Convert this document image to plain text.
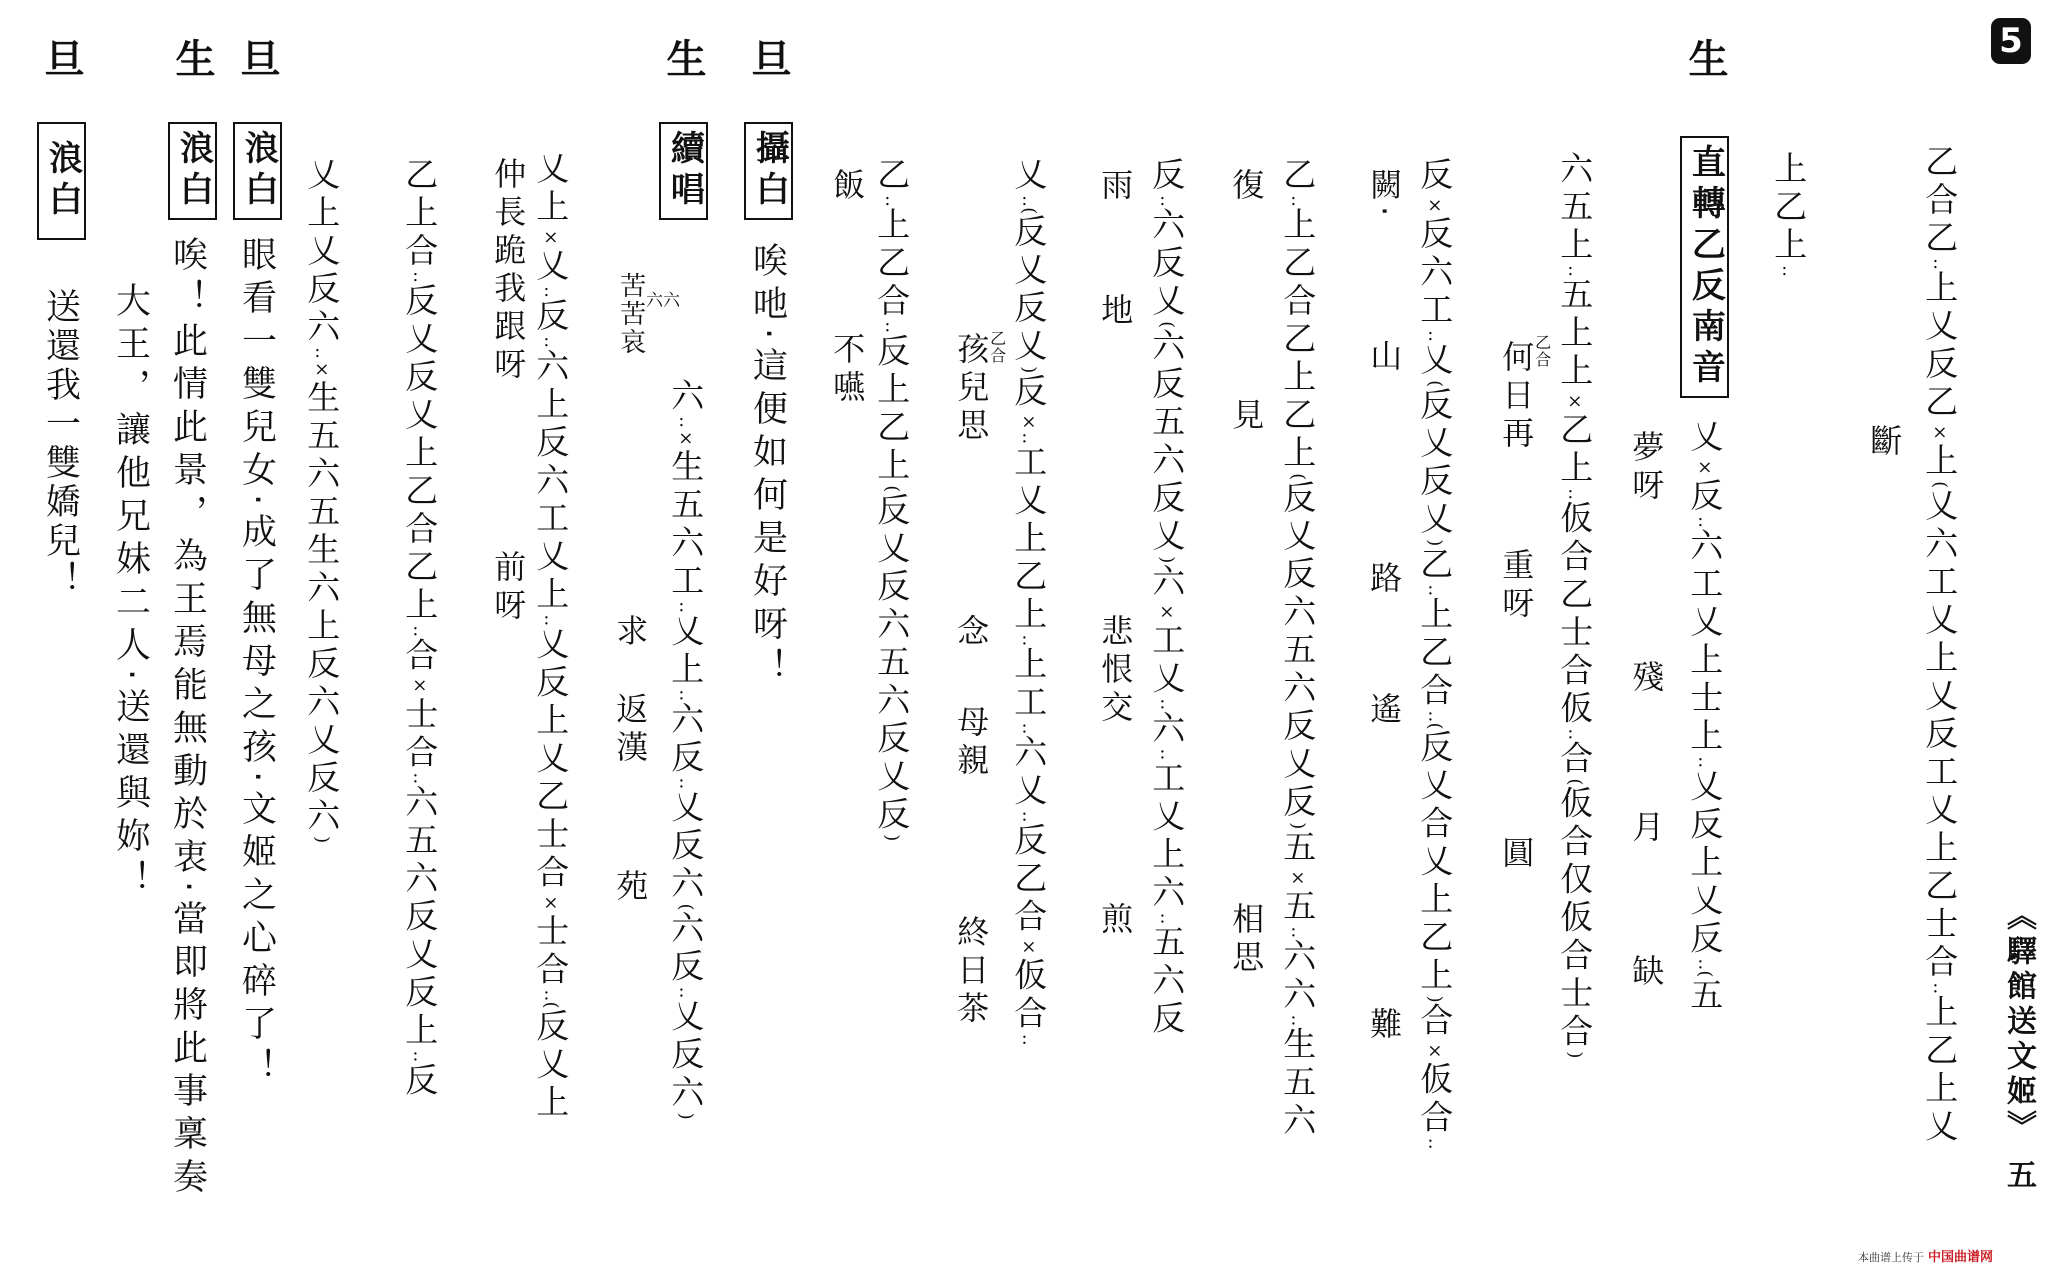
5
《驛館送文姬》五
乙合乙‥上乂反乙×上(乂六工乂上乂反工乂上乙士合‥上乙上乂
斷
上乙上‥
生
直轉乙反南音
乂×反‥六工乂上士上‥乂反上乂反‥(五
夢呀
殘
月
缺
六五上‥五上上×乙上‥仮合乙士合仮‥合(仮合仅仮合士合)
乙合
何日再
重呀
圓
反×反六工‥乂(反乂反乂)乙‥上乙合‥(反乂合乂上乙上)合×仮合‥
闕‧
山
路
遙
難
乙‥上乙合乙上乙上(反乂反六五六反乂反)五×五‥六六‥生五六
復
見
相思
反‥六反乂(六反五六反乂)六×工乂‥六‥工乂上六‥五六反
雨
地
悲恨交
煎
乂‥(反乂反乂)反×‥工乂上乙上‥上工‥六乂‥反乙合×仮合‥
乙合
孩兒思
念
母親
終日茶
乙‥上乙合‥反上乙上(反乂反六五六反乂反)
飯
不嚥
旦
攝白
唉吔‧這便如何是好呀！
生
續唱
六六
六‥×生五六工‥乂上‥六反‥乂反六(六反‥乂反六)
苦苦哀
求
返漢
苑
乂上×乂‥反‥六上反六工乂上‥乂反上乂乙士合×士合‥(反乂上
仲長跪我跟呀
前呀
乙上合‥反乂反乂上乙合乙上‥合×士合‥六五六反乂反上‥反
乂上乂反六‥×生五六五生六上反六乂反六)
旦
浪白
眼看一雙兒女‧成了無母之孩‧文姬之心碎了！
生
浪白
唉！此情此景，為王焉能無動於衷‧當即將此事稟奏
大王，讓他兄妹二人‧送還與妳！
旦
浪白
送還我一雙嬌兒！
本曲谱上传于 中国曲谱网
